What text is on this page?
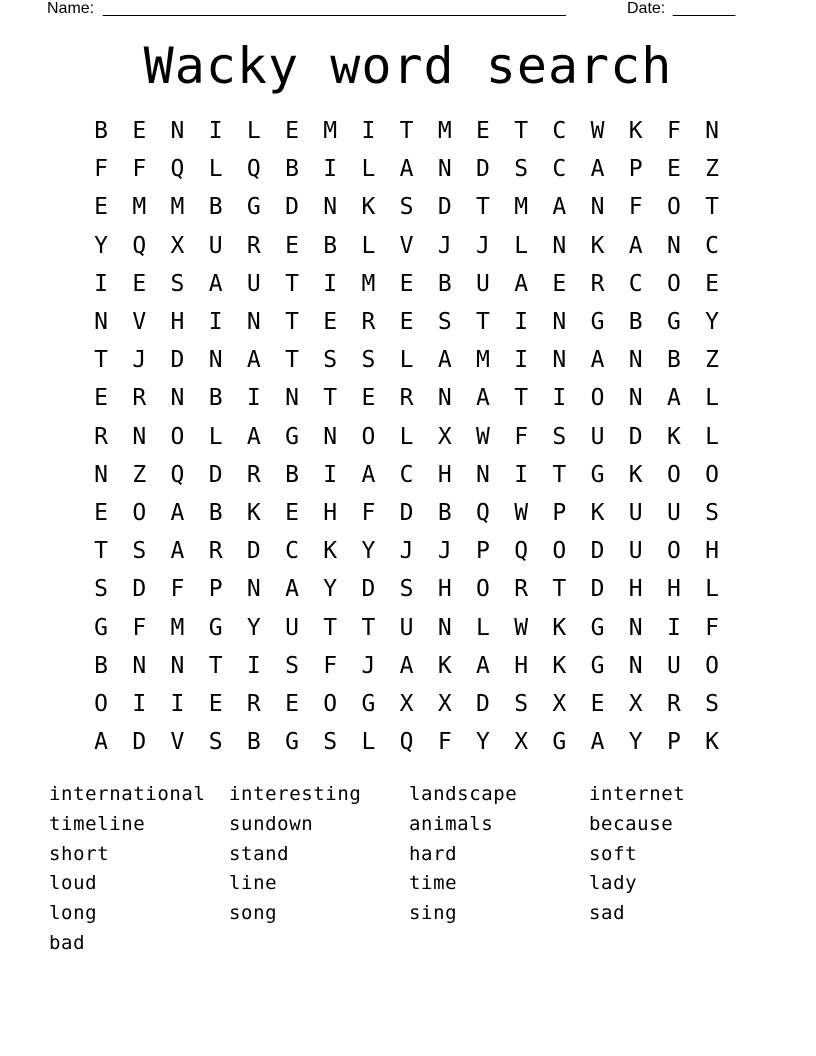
Name: ____________________________________________________	Date: _______
Wacky word search
B	E	N	I	L	E	M	I	T	M	E	T	C	W	K	F	N
F	F	Q	L	Q	B	I	L	A	N	D	S	C	A	P	E	Z
E	M	M	B	G	D	N	K	S	D	T	M	A	N	F	O	T
Y	Q	X	U	R	E	B	L	V	J	J	L	N	K	A	N	C
I	E	S	A	U	T	I	M	E	B	U	A	E	R	C	O	E
N	V	H	I	N	T	E	R	E	S	T	I	N	G	B	G	Y
T	J	D	N	A	T	S	S	L	A	M	I	N	A	N	B	Z
E	R	N	B	I	N	T	E	R	N	A	T	I	O	N	A	L
R	N	O	L	A	G	N	O	L	X	W	F	S	U	D	K	L
N	Z	Q	D	R	B	I	A	C	H	N	I	T	G	K	O	O
E	O	A	B	K	E	H	F	D	B	Q	W	P	K	U	U	S
T	S	A	R	D	C	K	Y	J	J	P	Q	O	D	U	O	H
S	D	F	P	N	A	Y	D	S	H	O	R	T	D	H	H	L
G	F	M	G	Y	U	T	T	U	N	L	W	K	G	N	I	F
B	N	N	T	I	S	F	J	A	K	A	H	K	G	N	U	O
O	I	I	E	R	E	O	G	X	X	D	S	X	E	X	R	S
A	D	V	S	B	G	S	L	Q	F	Y	X	G	A	Y	P	K
international	interesting	landscape	internet
timeline	sundown	animals	because
short	stand	hard	soft
loud	line	time	lady
long	song	sing	sad
bad
